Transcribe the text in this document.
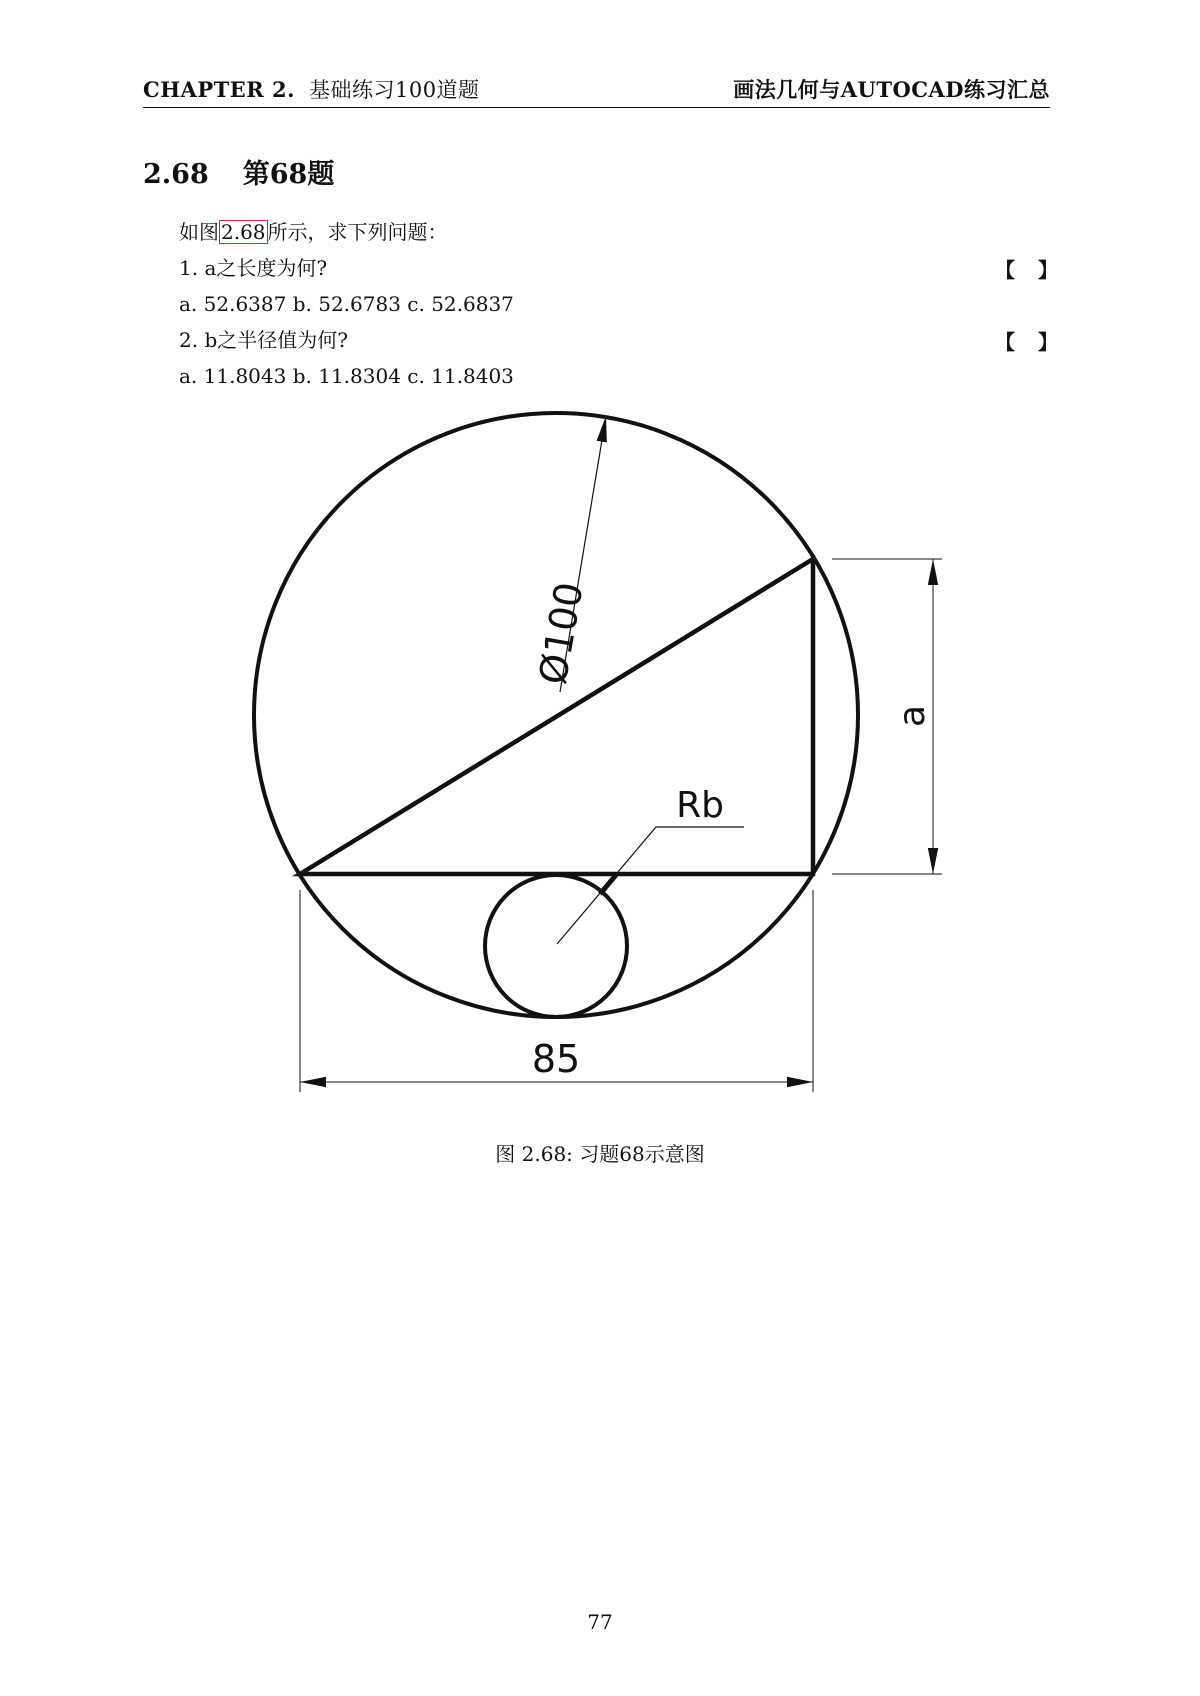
CHAPTER 2. 基础练习100道题	画法几何与AUTOCAD练习汇总
2.68 第68题
如图 2.68 所示，求下列问题：
1. a之长度为何?	【 】
a. 52.6387 b. 52.6783 c. 52.6837
2. b之半径值为何?	【 】
a. 11.8043 b. 11.8304 c. 11.8403
Ø100
Rb
85
a
图 2.68: 习题68示意图
77
